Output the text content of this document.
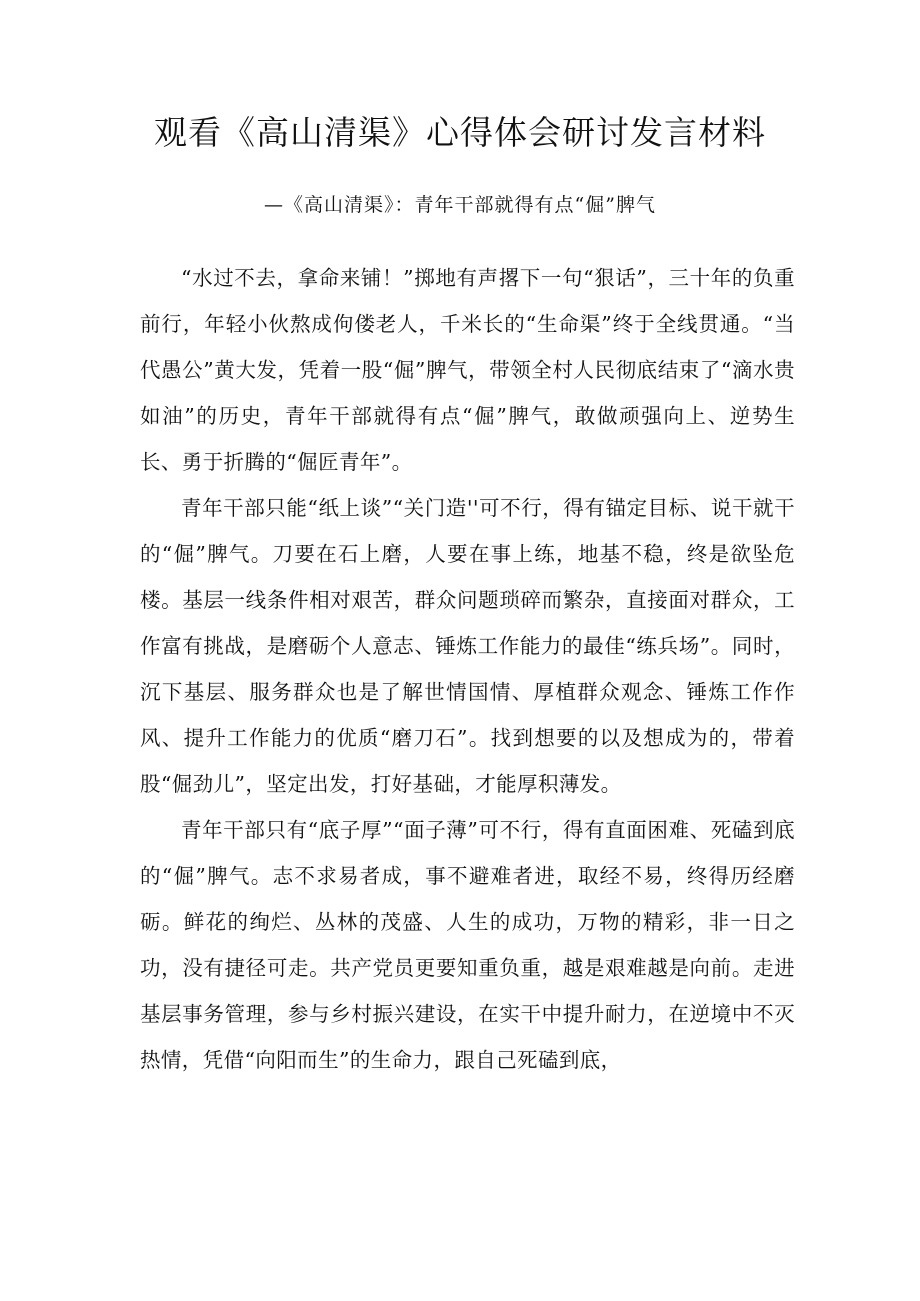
观看《高山清渠》心得体会研讨发言材料
—《高山清渠》：青年干部就得有点“倔”脾气

“水过不去，拿命来铺！”掷地有声撂下一句“狠话”，三十年的负重前行，年轻小伙熬成佝偻老人，千米长的“生命渠”终于全线贯通。“当代愚公”黄大发，凭着一股“倔”脾气，带领全村人民彻底结束了“滴水贵如油”的历史，青年干部就得有点“倔”脾气，敢做顽强向上、逆势生长、勇于折腾的“倔匠青年”。

青年干部只能“纸上谈”“关门造''可不行，得有锚定目标、说干就干的“倔”脾气。刀要在石上磨，人要在事上练，地基不稳，终是欲坠危楼。基层一线条件相对艰苦，群众问题琐碎而繁杂，直接面对群众，工作富有挑战，是磨砺个人意志、锤炼工作能力的最佳“练兵场”。同时，沉下基层、服务群众也是了解世情国情、厚植群众观念、锤炼工作作风、提升工作能力的优质“磨刀石”。找到想要的以及想成为的，带着股“倔劲儿”，坚定出发，打好基础，才能厚积薄发。

青年干部只有“底子厚”“面子薄”可不行，得有直面困难、死磕到底的“倔”脾气。志不求易者成，事不避难者进，取经不易，终得历经磨砺。鲜花的绚烂、丛林的茂盛、人生的成功，万物的精彩，非一日之功，没有捷径可走。共产党员更要知重负重，越是艰难越是向前。走进基层事务管理，参与乡村振兴建设，在实干中提升耐力，在逆境中不灭热情，凭借“向阳而生”的生命力，跟自己死磕到底，
